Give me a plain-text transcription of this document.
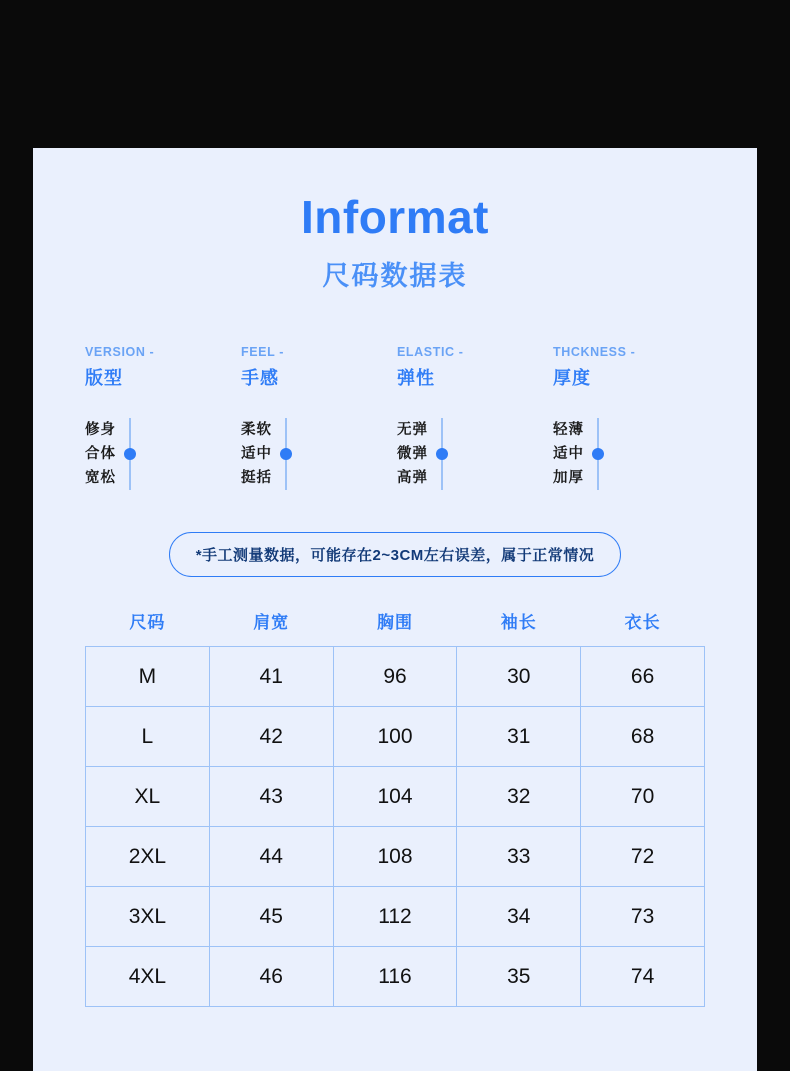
Informat
尺码数据表
VERSION -
版型
修身
合体
宽松
FEEL -
手感
柔软
适中
挺括
ELASTIC -
弹性
无弹
微弹
高弹
THCKNESS -
厚度
轻薄
适中
加厚
*手工测量数据，可能存在2~3CM左右误差，属于正常情况
尺码	肩宽	胸围	袖长	衣长
M	41	96	30	66
L	42	100	31	68
XL	43	104	32	70
2XL	44	108	33	72
3XL	45	112	34	73
4XL	46	116	35	74
